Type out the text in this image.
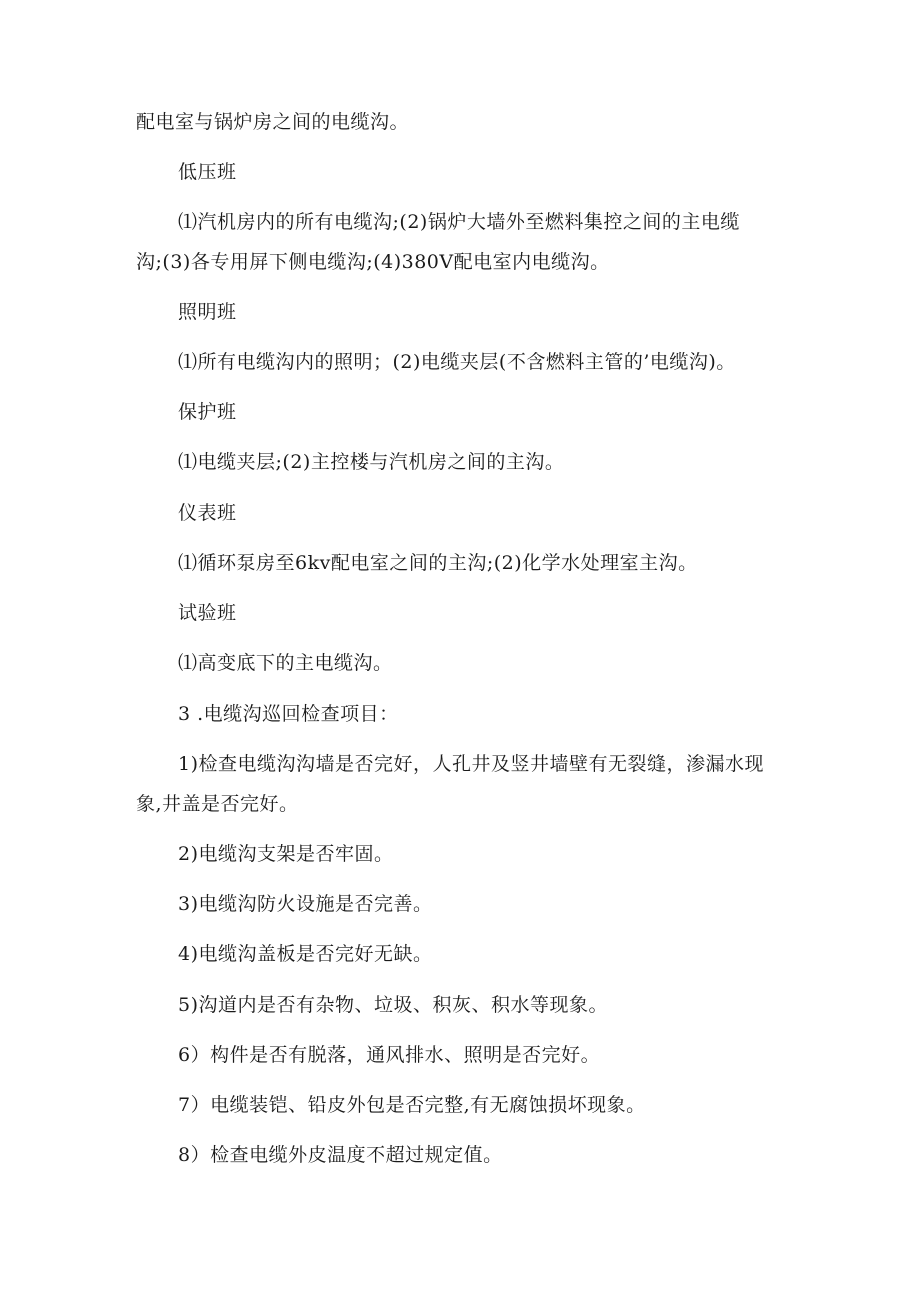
配电室与锅炉房之间的电缆沟。
低压班
⑴汽机房内的所有电缆沟;(2)锅炉大墙外至燃料集控之间的主电缆
沟;(3)各专用屏下侧电缆沟;(4)380V配电室内电缆沟。
照明班
⑴所有电缆沟内的照明；(2)电缆夹层(不含燃料主管的’电缆沟)。
保护班
⑴电缆夹层;(2)主控楼与汽机房之间的主沟。
仪表班
⑴循环泵房至6kv配电室之间的主沟;(2)化学水处理室主沟。
试验班
⑴高变底下的主电缆沟。
3 .电缆沟巡回检查项目：
1)检查电缆沟沟墙是否完好，人孔井及竖井墙壁有无裂缝，渗漏水现
象,井盖是否完好。
2)电缆沟支架是否牢固。
3)电缆沟防火设施是否完善。
4)电缆沟盖板是否完好无缺。
5)沟道内是否有杂物、垃圾、积灰、积水等现象。
6）构件是否有脱落，通风排水、照明是否完好。
7）电缆装铠、铅皮外包是否完整,有无腐蚀损坏现象。
8）检查电缆外皮温度不超过规定值。
